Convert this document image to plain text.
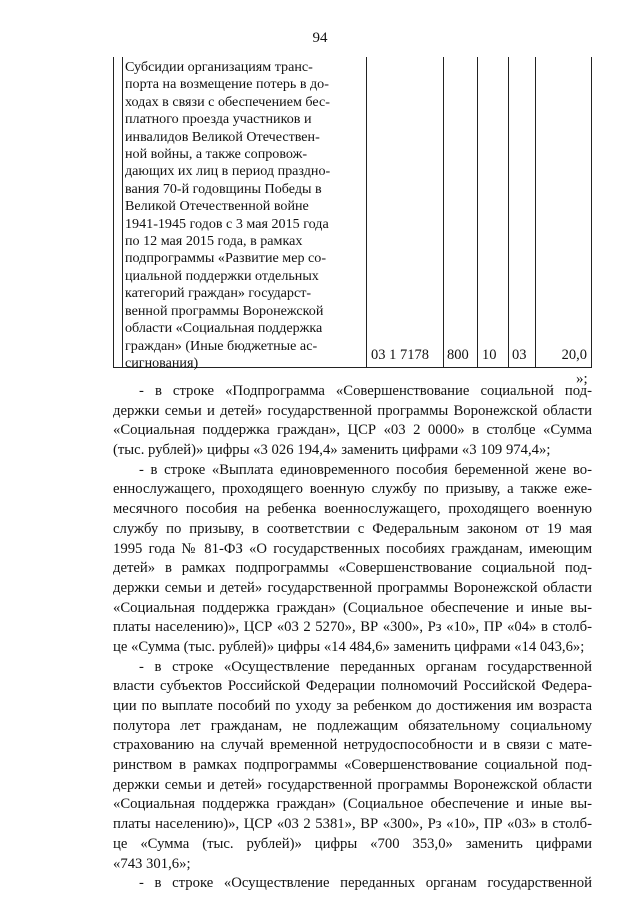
94
Субсидии организациям транс-
порта на возмещение потерь в до-
ходах в связи с обеспечением бес-
платного проезда участников и
инвалидов Великой Отечествен-
ной войны, а также сопровож-
дающих их лиц в период праздно-
вания 70-й годовщины Победы в
Великой Отечественной войне
1941-1945 годов с 3 мая 2015 года
по 12 мая 2015 года, в рамках
подпрограммы «Развитие мер со-
циальной поддержки отдельных
категорий граждан» государст-
венной программы Воронежской
области «Социальная поддержка
граждан» (Иные бюджетные ас-
сигнования)	03 1 7178 800 10 03 20,0
»;
- в строке «Подпрограмма «Совершенствование социальной под-
держки семьи и детей» государственной программы Воронежской области
«Социальная поддержка граждан», ЦСР «03 2 0000» в столбце «Сумма
(тыс. рублей)» цифры «3 026 194,4» заменить цифрами «3 109 974,4»;
- в строке «Выплата единовременного пособия беременной жене во-
еннослужащего, проходящего военную службу по призыву, а также еже-
месячного пособия на ребенка военнослужащего, проходящего военную
службу по призыву, в соответствии с Федеральным законом от 19 мая
1995 года № 81-ФЗ «О государственных пособиях гражданам, имеющим
детей» в рамках подпрограммы «Совершенствование социальной под-
держки семьи и детей» государственной программы Воронежской области
«Социальная поддержка граждан» (Социальное обеспечение и иные вы-
платы населению)», ЦСР «03 2 5270», ВР «300», Рз «10», ПР «04» в столб-
це «Сумма (тыс. рублей)» цифры «14 484,6» заменить цифрами «14 043,6»;
- в строке «Осуществление переданных органам государственной
власти субъектов Российской Федерации полномочий Российской Федера-
ции по выплате пособий по уходу за ребенком до достижения им возраста
полутора лет гражданам, не подлежащим обязательному социальному
страхованию на случай временной нетрудоспособности и в связи с мате-
ринством в рамках подпрограммы «Совершенствование социальной под-
держки семьи и детей» государственной программы Воронежской области
«Социальная поддержка граждан» (Социальное обеспечение и иные вы-
платы населению)», ЦСР «03 2 5381», ВР «300», Рз «10», ПР «03» в столб-
це «Сумма (тыс. рублей)» цифры «700 353,0» заменить цифрами
«743 301,6»;
- в строке «Осуществление переданных органам государственной
